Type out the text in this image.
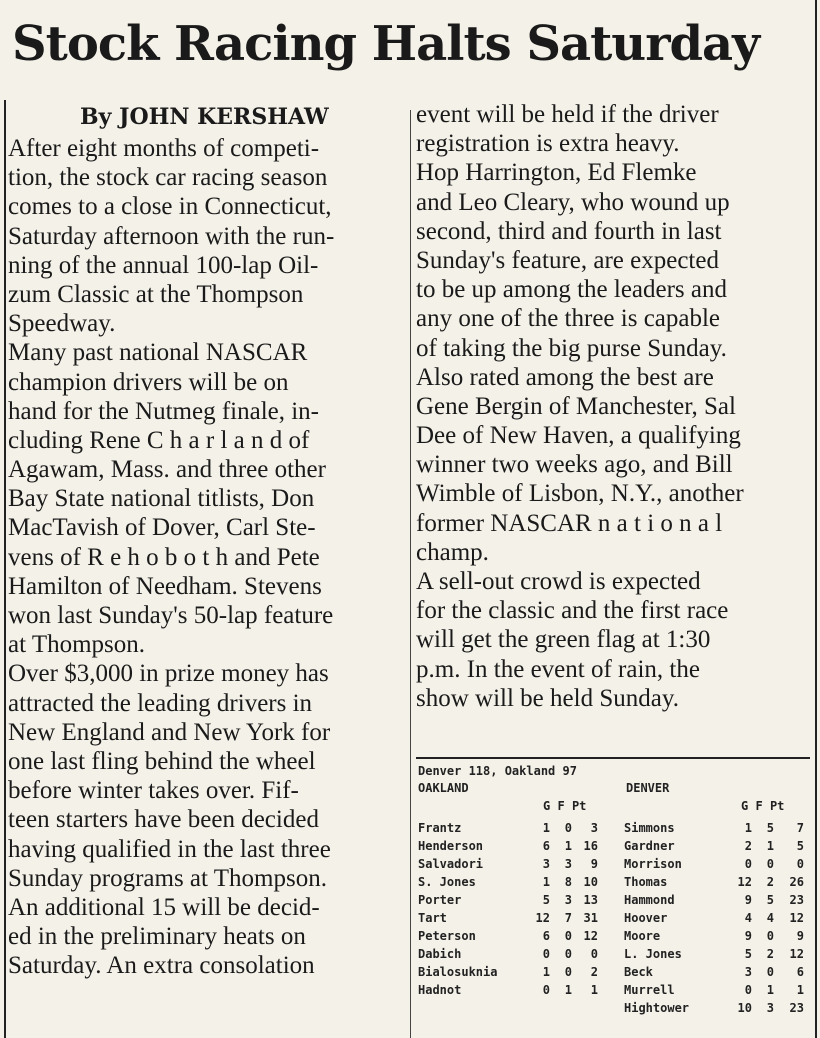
Stock Racing Halts Saturday
By JOHN KERSHAW
After eight months of competi-
tion, the stock car racing season
comes to a close in Connecticut,
Saturday afternoon with the run-
ning of the annual 100-lap Oil-
zum Classic at the Thompson
Speedway.
Many past national NASCAR
champion drivers will be on
hand for the Nutmeg finale, in-
cluding Rene C h a r l a n d of
Agawam, Mass. and three other
Bay State national titlists, Don
MacTavish of Dover, Carl Ste-
vens of R e h o b o t h and Pete
Hamilton of Needham. Stevens
won last Sunday's 50-lap feature
at Thompson.
Over $3,000 in prize money has
attracted the leading drivers in
New England and New York for
one last fling behind the wheel
before winter takes over. Fif-
teen starters have been decided
having qualified in the last three
Sunday programs at Thompson.
An additional 15 will be decid-
ed in the preliminary heats on
Saturday. An extra consolation
event will be held if the driver
registration is extra heavy.
Hop Harrington, Ed Flemke
and Leo Cleary, who wound up
second, third and fourth in last
Sunday's feature, are expected
to be up among the leaders and
any one of the three is capable
of taking the big purse Sunday.
Also rated among the best are
Gene Bergin of Manchester, Sal
Dee of New Haven, a qualifying
winner two weeks ago, and Bill
Wimble of Lisbon, N.Y., another
former NASCAR n a t i o n a l
champ.
A sell-out crowd is expected
for the classic and the first race
will get the green flag at 1:30
p.m. In the event of rain, the
show will be held Sunday.
Denver 118, Oakland 97
OAKLAND	DENVER
G F Pt	G F Pt
Frantz	1	0	3 Simmons	1	5	7
Henderson	6	1 16 Gardner	2	1	5
Salvadori	3	3	9 Morrison	0	0	0
S. Jones	1	8 10 Thomas	12	2	26
Porter	5	3 13 Hammond	9	5	23
Tart	12	7 31 Hoover	4	4	12
Peterson	6	0 12 Moore	9	0	9
Dabich	0	0	0 L. Jones	5	2	12
Bialosuknia	1	0	2 Beck	3	0	6
Hadnot	0	1	1 Murrell	0	1	1
Hightower	10	3	23
